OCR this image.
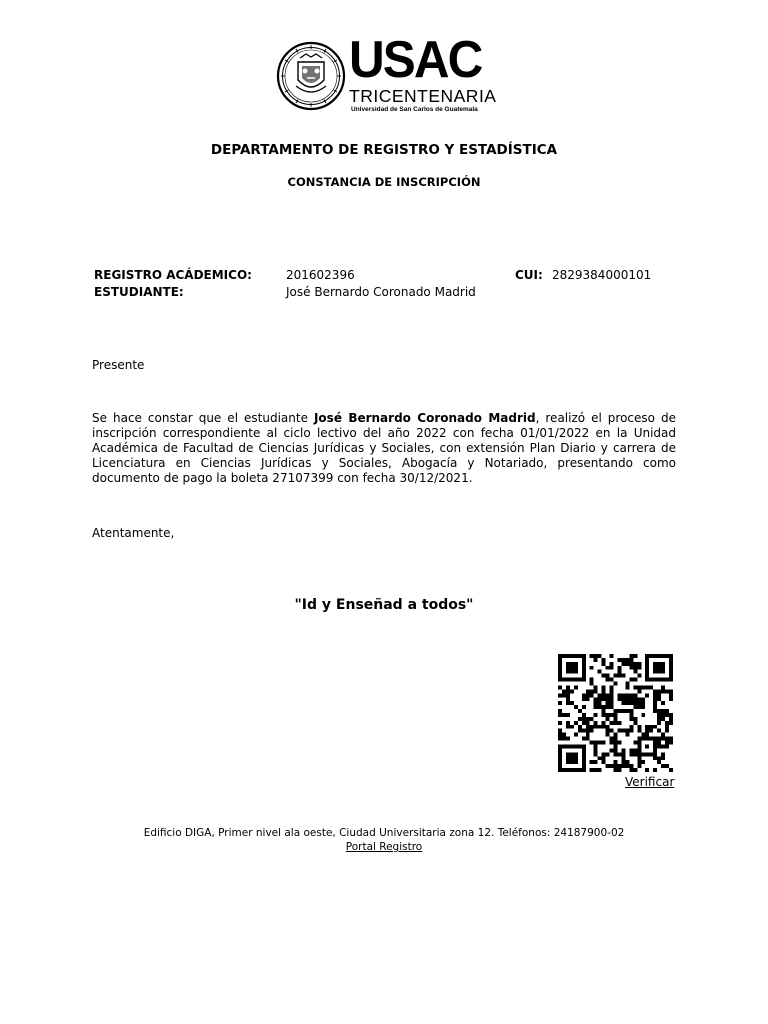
USAC
TRICENTENARIA
Universidad de San Carlos de Guatemala
DEPARTAMENTO DE REGISTRO Y ESTADÍSTICA
CONSTANCIA DE INSCRIPCIÓN
REGISTRO ACÁDEMICO:	201602396	CUI: 2829384000101
ESTUDIANTE:	José Bernardo Coronado Madrid
Presente
Se hace constar que el estudiante José Bernardo Coronado Madrid, realizó el proceso de inscripción correspondiente al ciclo lectivo del año 2022 con fecha 01/01/2022 en la Unidad Académica de Facultad de Ciencias Jurídicas y Sociales, con extensión Plan Diario y carrera de Licenciatura en Ciencias Jurídicas y Sociales, Abogacía y Notariado, presentando como documento de pago la boleta 27107399 con fecha 30/12/2021.
Atentamente,
"Id y Enseñad a todos"
Verificar
Edificio DIGA, Primer nivel ala oeste, Ciudad Universitaria zona 12. Teléfonos: 24187900-02
Portal Registro
